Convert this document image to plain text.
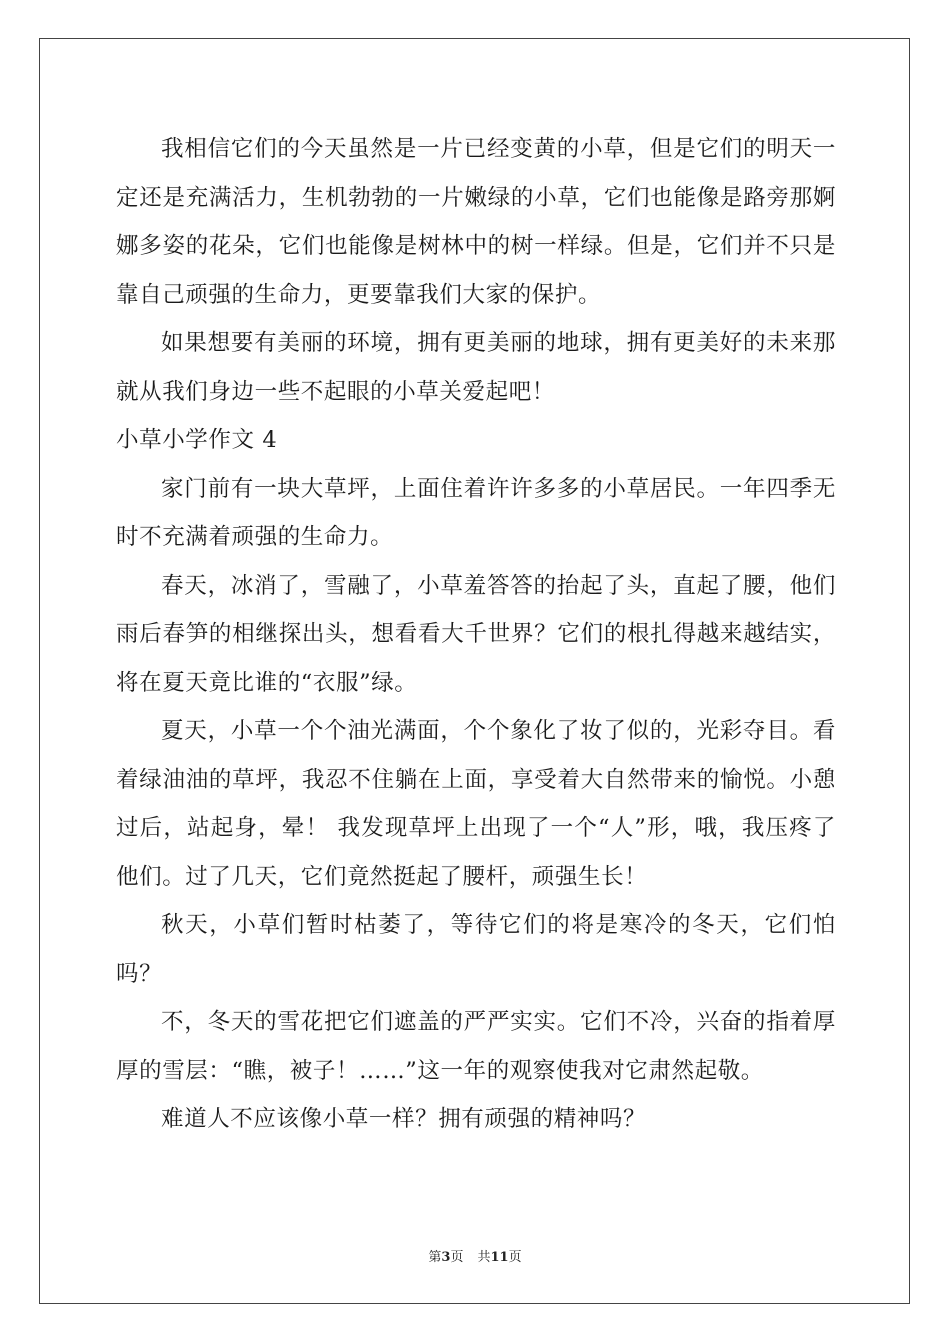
我相信它们的今天虽然是一片已经变黄的小草，但是它们的明天一定还是充满活力，生机勃勃的一片嫩绿的小草，它们也能像是路旁那婀娜多姿的花朵，它们也能像是树林中的树一样绿。但是，它们并不只是靠自己顽强的生命力，更要靠我们大家的保护。

如果想要有美丽的环境，拥有更美丽的地球，拥有更美好的未来那就从我们身边一些不起眼的小草关爱起吧！

小草小学作文 4

家门前有一块大草坪，上面住着许许多多的小草居民。一年四季无时不充满着顽强的生命力。

春天，冰消了，雪融了，小草羞答答的抬起了头，直起了腰，他们雨后春笋的相继探出头，想看看大千世界？它们的根扎得越来越结实，将在夏天竟比谁的“衣服”绿。

夏天，小草一个个油光满面，个个象化了妆了似的，光彩夺目。看着绿油油的草坪，我忍不住躺在上面，享受着大自然带来的愉悦。小憩过后，站起身，晕！ 我发现草坪上出现了一个“人”形，哦，我压疼了他们。过了几天，它们竟然挺起了腰杆，顽强生长！

秋天，小草们暂时枯萎了，等待它们的将是寒冷的冬天，它们怕吗？

不，冬天的雪花把它们遮盖的严严实实。它们不冷，兴奋的指着厚厚的雪层：“瞧，被子！……”这一年的观察使我对它肃然起敬。

难道人不应该像小草一样？拥有顽强的精神吗？

第3页 共11页
